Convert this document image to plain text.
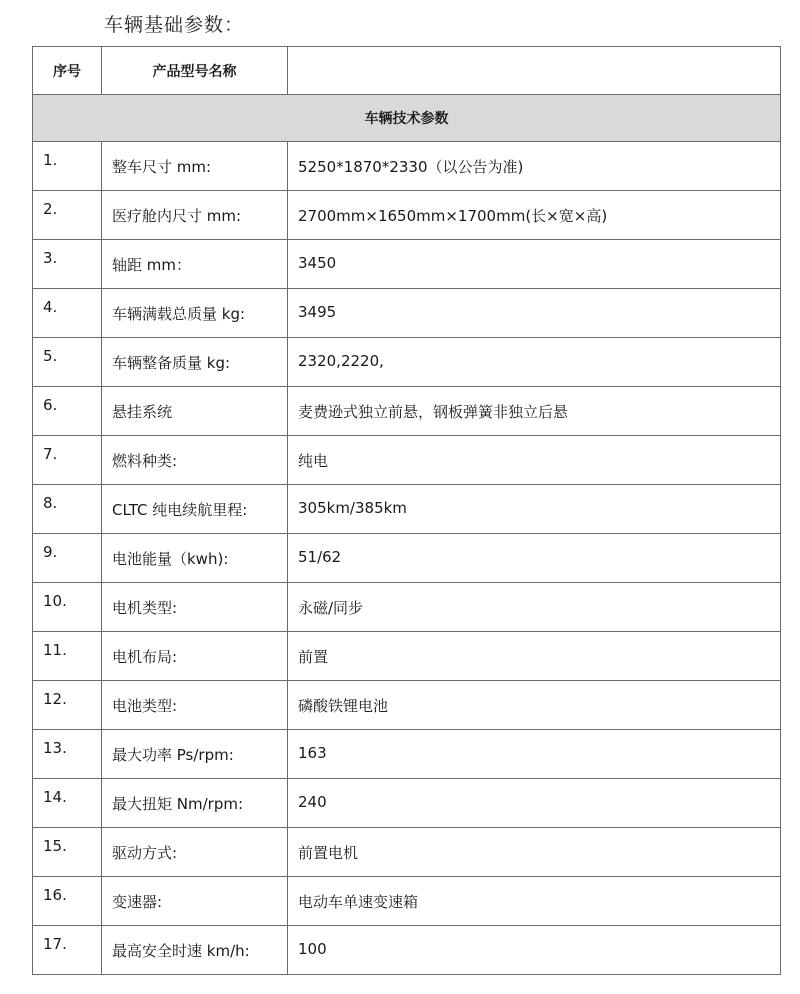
车辆基础参数：
序号	产品型号名称	
车辆技术参数		
1.	整车尺寸 mm:	5250*1870*2330（以公告为准)
2.	医疗舱内尺寸 mm:	2700mm×1650mm×1700mm(长×宽×高)
3.	轴距 mm：	3450
4.	车辆满载总质量 kg:	3495
5.	车辆整备质量 kg:	2320,2220,
6.	悬挂系统	麦费逊式独立前悬，钢板弹簧非独立后悬
7.	燃料种类:	纯电
8.	CLTC 纯电续航里程:	305km/385km
9.	电池能量（kwh):	51/62
10.	电机类型:	永磁/同步
11.	电机布局:	前置
12.	电池类型:	磷酸铁锂电池
13.	最大功率 Ps/rpm:	163
14.	最大扭矩 Nm/rpm:	240
15.	驱动方式:	前置电机
16.	变速器:	电动车单速变速箱
17.	最高安全时速 km/h:	100
